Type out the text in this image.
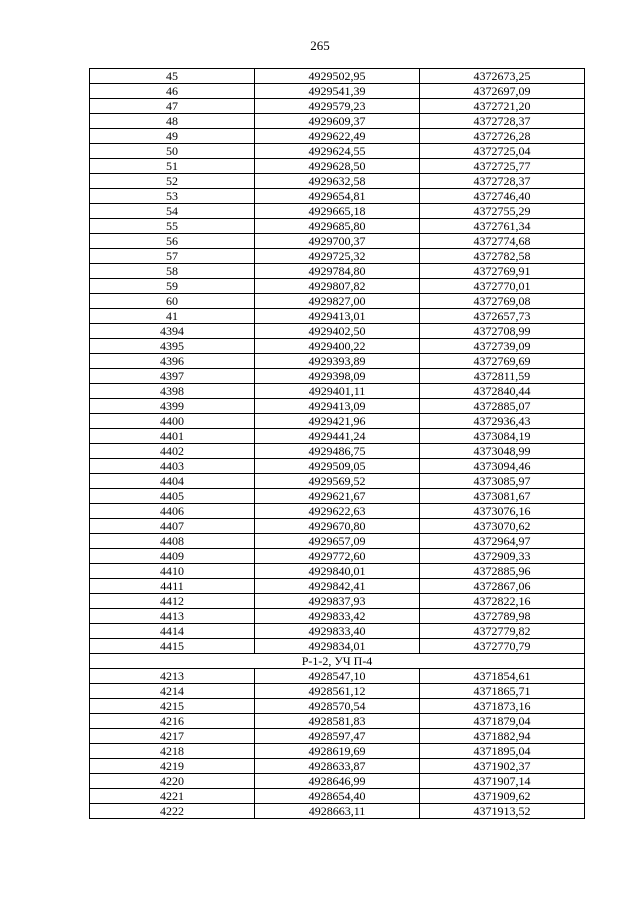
265
45	4929502,95	4372673,25
46	4929541,39	4372697,09
47	4929579,23	4372721,20
48	4929609,37	4372728,37
49	4929622,49	4372726,28
50	4929624,55	4372725,04
51	4929628,50	4372725,77
52	4929632,58	4372728,37
53	4929654,81	4372746,40
54	4929665,18	4372755,29
55	4929685,80	4372761,34
56	4929700,37	4372774,68
57	4929725,32	4372782,58
58	4929784,80	4372769,91
59	4929807,82	4372770,01
60	4929827,00	4372769,08
41	4929413,01	4372657,73
4394	4929402,50	4372708,99
4395	4929400,22	4372739,09
4396	4929393,89	4372769,69
4397	4929398,09	4372811,59
4398	4929401,11	4372840,44
4399	4929413,09	4372885,07
4400	4929421,96	4372936,43
4401	4929441,24	4373084,19
4402	4929486,75	4373048,99
4403	4929509,05	4373094,46
4404	4929569,52	4373085,97
4405	4929621,67	4373081,67
4406	4929622,63	4373076,16
4407	4929670,80	4373070,62
4408	4929657,09	4372964,97
4409	4929772,60	4372909,33
4410	4929840,01	4372885,96
4411	4929842,41	4372867,06
4412	4929837,93	4372822,16
4413	4929833,42	4372789,98
4414	4929833,40	4372779,82
4415	4929834,01	4372770,79
Р-1-2, УЧ П-4		
4213	4928547,10	4371854,61
4214	4928561,12	4371865,71
4215	4928570,54	4371873,16
4216	4928581,83	4371879,04
4217	4928597,47	4371882,94
4218	4928619,69	4371895,04
4219	4928633,87	4371902,37
4220	4928646,99	4371907,14
4221	4928654,40	4371909,62
4222	4928663,11	4371913,52
